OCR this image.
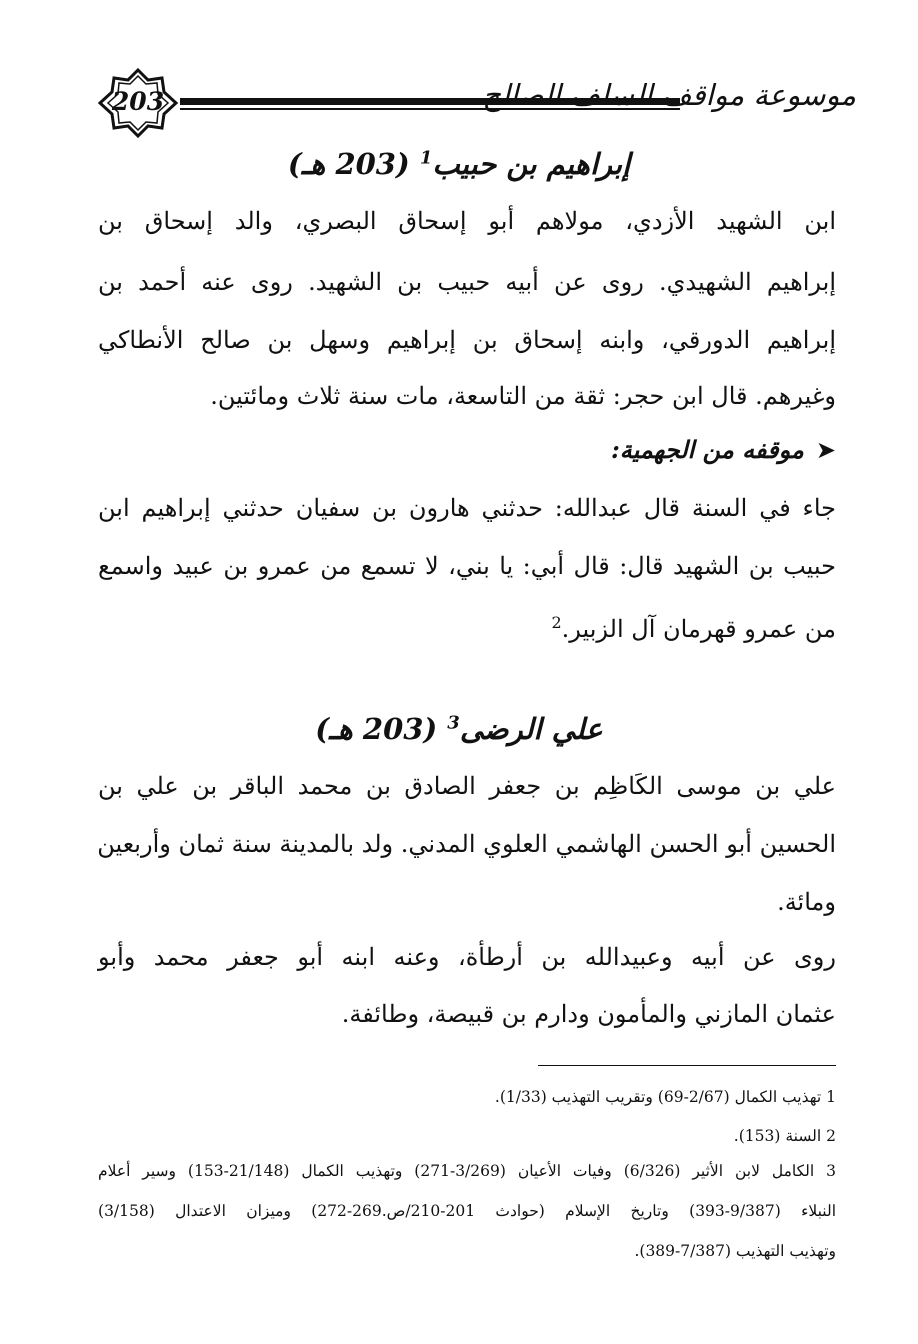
203	موسوعة مواقف السلف الصالح
إبراهيم بن حبيب$^1$ (203 هـ)
ابن الشهيد الأزدي، مولاهم أبو إسحاق البصري، والد إسحاق بن
إبراهيم الشهيدي. روى عن أبيه حبيب بن الشهيد. روى عنه أحمد بن
إبراهيم الدورقي، وابنه إسحاق بن إبراهيم وسهل بن صالح الأنطاكي
وغيرهم. قال ابن حجر: ثقة من التاسعة، مات سنة ثلاث ومائتين.
➤موقفه من الجهمية:
جاء في السنة قال عبدالله: حدثني هارون بن سفيان حدثني إبراهيم ابن
حبيب بن الشهيد قال: قال أبي: يا بني، لا تسمع من عمرو بن عبيد واسمع
من عمرو قهرمان آل الزبير.$^2$
علي الرضى$^3$ (203 هـ)
علي بن موسى الكَاظِم بن جعفر الصادق بن محمد الباقر بن علي بن
الحسين أبو الحسن الهاشمي العلوي المدني. ولد بالمدينة سنة ثمان وأربعين
ومائة.
روى عن أبيه وعبيدالله بن أرطأة، وعنه ابنه أبو جعفر محمد وأبو
عثمان المازني والمأمون ودارم بن قبيصة، وطائفة.
1 تهذيب الكمال (2/67-69) وتقريب التهذيب (1/33).
2 السنة (153).
3 الكامل لابن الأثير (6/326) وفيات الأعيان (3/269-271) وتهذيب الكمال (21/148-153) وسير أعلام
النبلاء (9/387-393) وتاريخ الإسلام (حوادث 201-210/ص.269-272) وميزان الاعتدال (3/158)
وتهذيب التهذيب (7/387-389).
